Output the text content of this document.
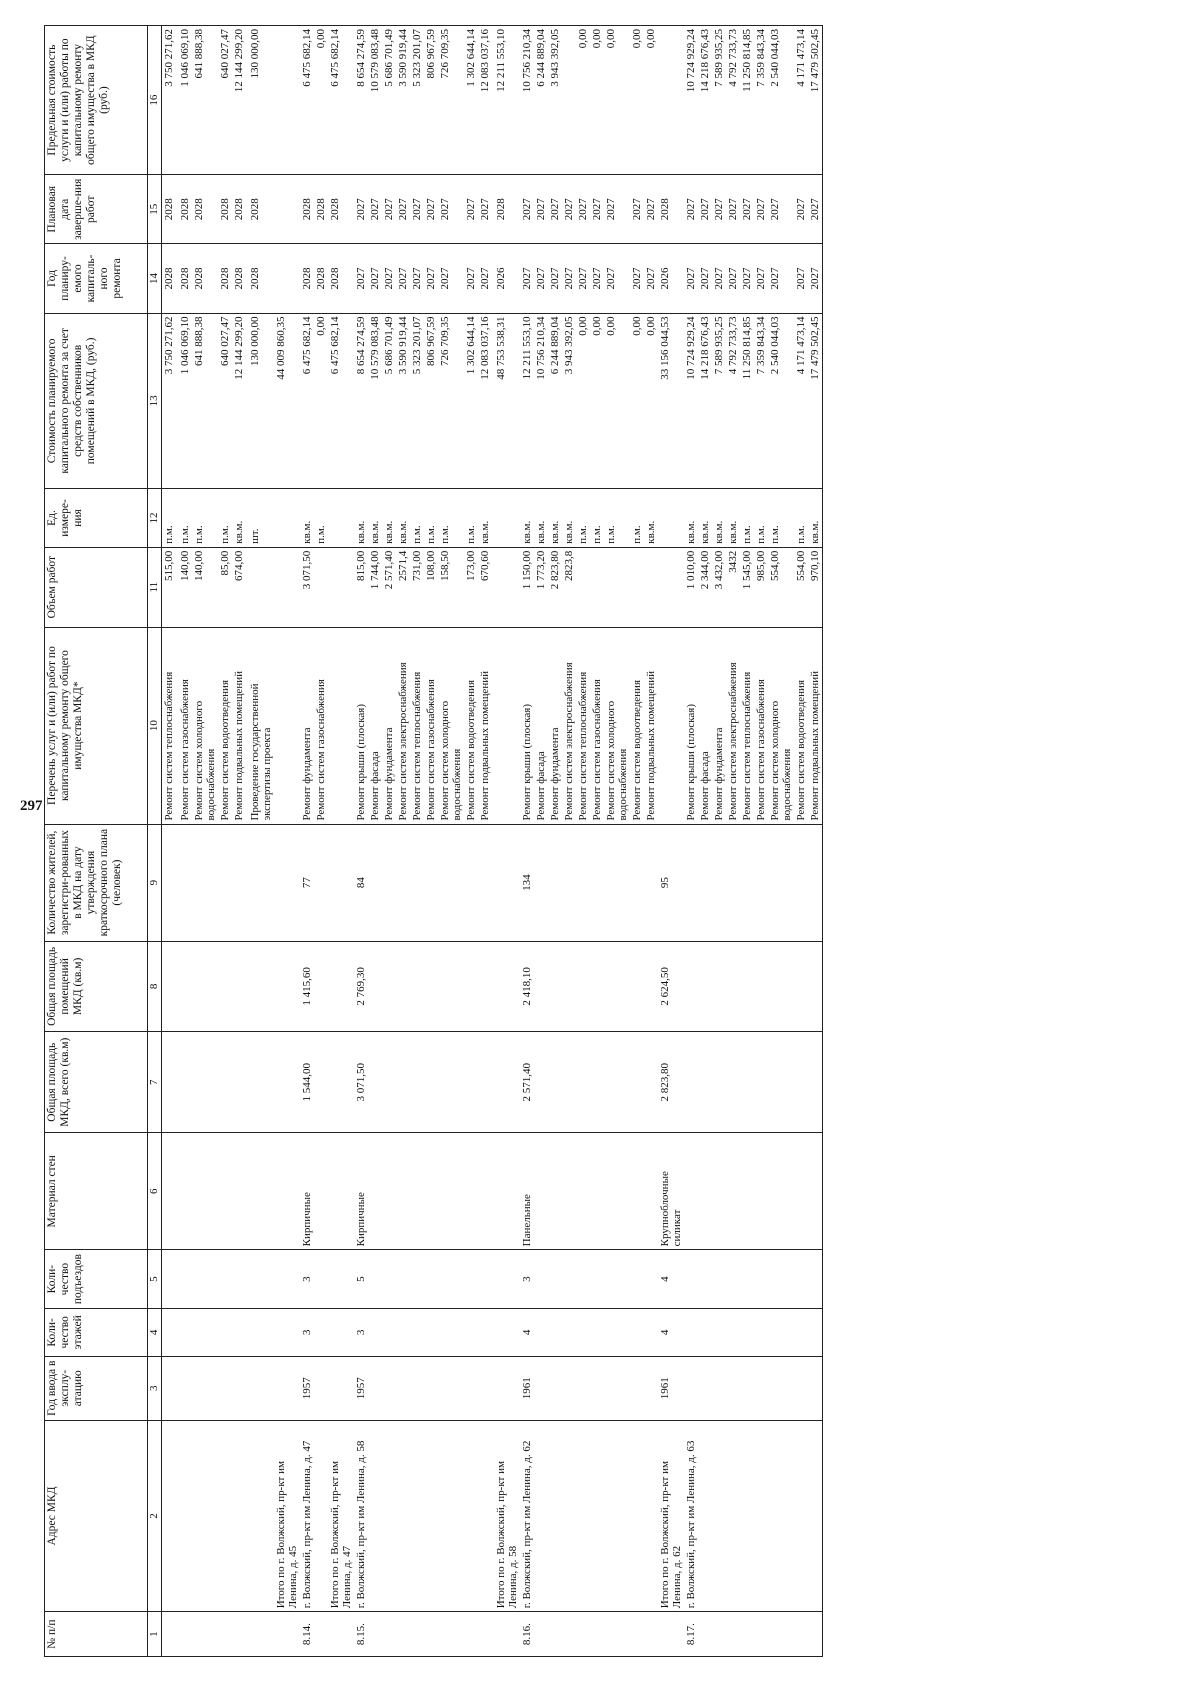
297
№ п/п	Адрес МКД	Год ввода в эксплу-атацию	Коли-чество этажей	Коли-чество подъездов	Материал стен	Общая площадь МКД, всего (кв.м)	Общая площадь помещений МКД (кв.м)	Количество жителей, зарегистри-рованных в МКД на дату утверждения краткосрочного плана (человек)	Перечень услуг и (или) работ по капитальному ремонту общего имущества МКД*	Объем работ	Ед. измере-ния	Стоимость планируемого капитального ремонта за счет средств собственников помещений в МКД, (руб.)	Год планиру-емого капиталь-ного ремонта	Плановая дата заверше-ния работ	Предельная стоимость услуги и (или) работы по капитальному ремонту общего имущества в МКД (руб.)
1	2	3	4	5	6	7	8	9	10	11	12	13	14	15	16
									Ремонт систем теплоснабжения	515,00	п.м.	3 750 271,62	2028	2028	3 750 271,62

									Ремонт систем газоснабжения	140,00	п.м.	1 046 069,10	2028	2028	1 046 069,10
									Ремонт систем холодного водоснабжения	140,00	п.м.	641 888,38	2028	2028	641 888,38
									Ремонт систем водоотведения	85,00	п.м.	640 027,47	2028	2028	640 027,47
									Ремонт подвальных помещений	674,00	кв.м.	12 144 299,20	2028	2028	12 144 299,20

									Проведение государственной экспертизы проекта		шт.	130 000,00	2028	2028	130 000,00
	Итого по г. Волжский, пр-кт им Ленина, д. 45											44 009 860,35			
8.14.	г. Волжский, пр-кт им Ленина, д. 47	1957	3	3	Кирпичные	1 544,00	1 415,60	77	Ремонт фундамента	3 071,50	кв.м.	6 475 682,14	2028	2028	6 475 682,14
									Ремонт систем газоснабжения		п.м.	0,00	2028	2028	0,00
	Итого по г. Волжский, пр-кт им Ленина, д. 47											6 475 682,14	2028	2028	6 475 682,14
8.15.	г. Волжский, пр-кт им Ленина, д. 58	1957	3	5	Кирпичные	3 071,50	2 769,30	84	Ремонт крыши (плоская)	815,00	кв.м.	8 654 274,59	2027	2027	8 654 274,59
									Ремонт фасада	1 744,00	кв.м.	10 579 083,48	2027	2027	10 579 083,48
									Ремонт фундамента	2 571,40	кв.м.	5 686 701,49	2027	2027	5 686 701,49
									Ремонт систем электроснабжения	2571,4	кв.м.	3 590 919,44	2027	2027	3 590 919,44
									Ремонт систем теплоснабжения	731,00	п.м.	5 323 201,07	2027	2027	5 323 201,07
									Ремонт систем газоснабжения	108,00	п.м.	806 967,59	2027	2027	806 967,59
									Ремонт систем холодного водоснабжения	158,50	п.м.	726 709,35	2027	2027	726 709,35
									Ремонт систем водоотведения	173,00	п.м.	1 302 644,14	2027	2027	1 302 644,14
									Ремонт подвальных помещений	670,60	кв.м.	12 083 037,16	2027	2027	12 083 037,16

	Итого по г. Волжский, пр-кт им Ленина, д. 58											48 753 538,31	2026	2028	12 211 553,10
8.16.	г. Волжский, пр-кт им Ленина, д. 62	1961	4	3	Панельные	2 571,40	2 418,10	134	Ремонт крыши (плоская)	1 150,00	кв.м.	12 211 553,10	2027	2027	10 756 210,34
									Ремонт фасада	1 773,20	кв.м.	10 756 210,34	2027	2027	6 244 889,04
									Ремонт фундамента	2 823,80	кв.м.	6 244 889,04	2027	2027	3 943 392,05
									Ремонт систем электроснабжения	2823,8	кв.м.	3 943 392,05	2027	2027	
									Ремонт систем теплоснабжения		п.м.	0,00	2027	2027	0,00
									Ремонт систем газоснабжения		п.м.	0,00	2027	2027	0,00
									Ремонт систем холодного водоснабжения		п.м.	0,00	2027	2027	0,00
									Ремонт систем водоотведения		п.м.	0,00	2027	2027	0,00
									Ремонт подвальных помещений		кв.м.	0,00	2027	2027	0,00
	Итого по г. Волжский, пр-кт им Ленина, д. 62	1961	4	4	Крупноблочные силикат	2 823,80	2 624,50	95				33 156 044,53	2026	2028	
8.17.	г. Волжский, пр-кт им Ленина, д. 63								Ремонт крыши (плоская)	1 010,00	кв.м.	10 724 929,24	2027	2027	10 724 929,24
									Ремонт фасада	2 344,00	кв.м.	14 218 676,43	2027	2027	14 218 676,43
									Ремонт фундамента	3 432,00	кв.м.	7 589 935,25	2027	2027	7 589 935,25
									Ремонт систем электроснабжения	3432	кв.м.	4 792 733,73	2027	2027	4 792 733,73
									Ремонт систем теплоснабжения	1 545,00	п.м.	11 250 814,85	2027	2027	11 250 814,85
									Ремонт систем газоснабжения	985,00	п.м.	7 359 843,34	2027	2027	7 359 843,34
									Ремонт систем холодного водоснабжения	554,00	п.м.	2 540 044,03	2027	2027	2 540 044,03
									Ремонт систем водоотведения	554,00	п.м.	4 171 473,14	2027	2027	4 171 473,14
									Ремонт подвальных помещений	970,10	кв.м.	17 479 502,45	2027	2027	17 479 502,45
